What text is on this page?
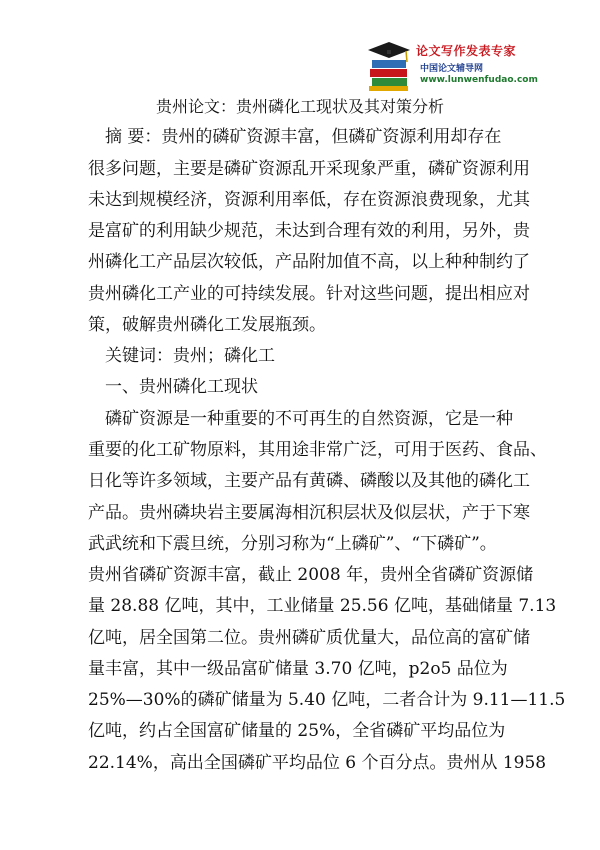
论文写作发表专家
中国论文辅导网
www.lunwenfudao.com
贵州论文：贵州磷化工现状及其对策分析
　摘 要：贵州的磷矿资源丰富，但磷矿资源利用却存在
很多问题，主要是磷矿资源乱开采现象严重，磷矿资源利用
未达到规模经济，资源利用率低，存在资源浪费现象，尤其
是富矿的利用缺少规范，未达到合理有效的利用，另外，贵
州磷化工产品层次较低，产品附加值不高，以上种种制约了
贵州磷化工产业的可持续发展。针对这些问题，提出相应对
策，破解贵州磷化工发展瓶颈。
　关键词：贵州；磷化工
　一、贵州磷化工现状
　磷矿资源是一种重要的不可再生的自然资源，它是一种
重要的化工矿物原料，其用途非常广泛，可用于医药、食品、
日化等许多领域，主要产品有黄磷、磷酸以及其他的磷化工
产品。贵州磷块岩主要属海相沉积层状及似层状，产于下寒
武武统和下震旦统，分别习称为“上磷矿”、“下磷矿”。
贵州省磷矿资源丰富，截止 2008 年，贵州全省磷矿资源储
量 28.88 亿吨，其中，工业储量 25.56 亿吨，基础储量 7.13
亿吨，居全国第二位。贵州磷矿质优量大，品位高的富矿储
量丰富，其中一级品富矿储量 3.70 亿吨，p2o5 品位为
25%—30%的磷矿储量为 5.40 亿吨，二者合计为 9.11—11.5
亿吨，约占全国富矿储量的 25%，全省磷矿平均品位为
22.14%，高出全国磷矿平均品位 6 个百分点。贵州从 1958
